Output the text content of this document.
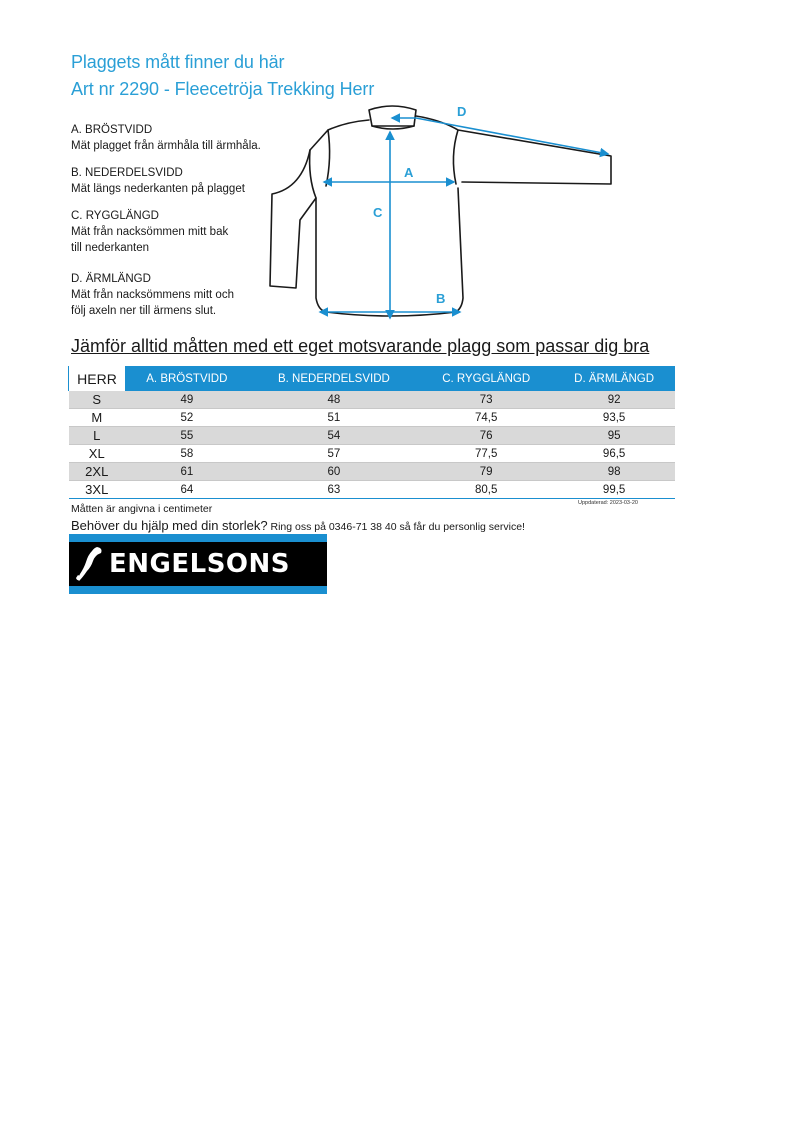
Plaggets mått finner du här
Art nr 2290 - Fleecetröja Trekking Herr
A. BRÖSTVIDD
Mät plagget från ärmhåla till ärmhåla.
B. NEDERDELSVIDD
Mät längs nederkanten på plagget
C. RYGGLÄNGD
Mät från nacksömmen mitt bak
till nederkanten
D. ÄRMLÄNGD
Mät från nacksömmens mitt och
följ axeln ner till ärmens slut.
A
B
C
D
Jämför alltid måtten med ett eget motsvarande plagg som passar dig bra
HERR	A. BRÖSTVIDD	B. NEDERDELSVIDD	C. RYGGLÄNGD	D. ÄRMLÄNGD
S	49	48	73	92
M	52	51	74,5	93,5
L	55	54	76	95
XL	58	57	77,5	96,5
2XL	61	60	79	98
3XL	64	63	80,5	99,5
Uppdaterad: 2023-03-20
Måtten är angivna i centimeter
Behöver du hjälp med din storlek? Ring oss på 0346-71 38 40 så får du personlig service!
ENGELSONS
